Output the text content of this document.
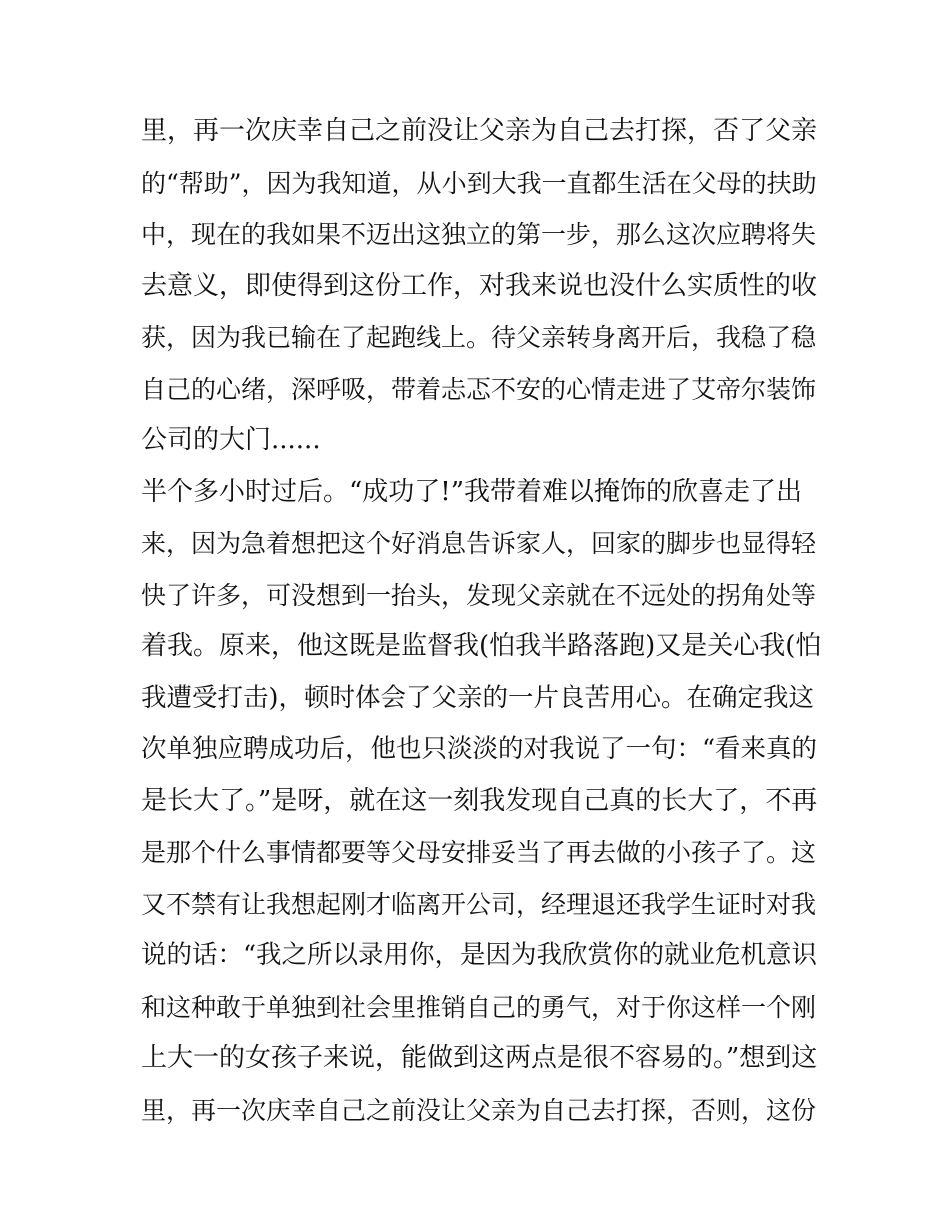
里，再一次庆幸自己之前没让父亲为自己去打探，否了父亲
的“帮助”，因为我知道，从小到大我一直都生活在父母的扶助
中，现在的我如果不迈出这独立的第一步，那么这次应聘将失
去意义，即使得到这份工作，对我来说也没什么实质性的收
获，因为我已输在了起跑线上。待父亲转身离开后，我稳了稳
自己的心绪，深呼吸，带着忐忑不安的心情走进了艾帝尔装饰
公司的大门......
半个多小时过后。“成功了!”我带着难以掩饰的欣喜走了出
来，因为急着想把这个好消息告诉家人，回家的脚步也显得轻
快了许多，可没想到一抬头，发现父亲就在不远处的拐角处等
着我。原来，他这既是监督我(怕我半路落跑)又是关心我(怕
我遭受打击)，顿时体会了父亲的一片良苦用心。在确定我这
次单独应聘成功后，他也只淡淡的对我说了一句：“看来真的
是长大了。”是呀，就在这一刻我发现自己真的长大了，不再
是那个什么事情都要等父母安排妥当了再去做的小孩子了。这
又不禁有让我想起刚才临离开公司，经理退还我学生证时对我
说的话：“我之所以录用你，是因为我欣赏你的就业危机意识
和这种敢于单独到社会里推销自己的勇气，对于你这样一个刚
上大一的女孩子来说，能做到这两点是很不容易的。”想到这
里，再一次庆幸自己之前没让父亲为自己去打探，否则，这份
